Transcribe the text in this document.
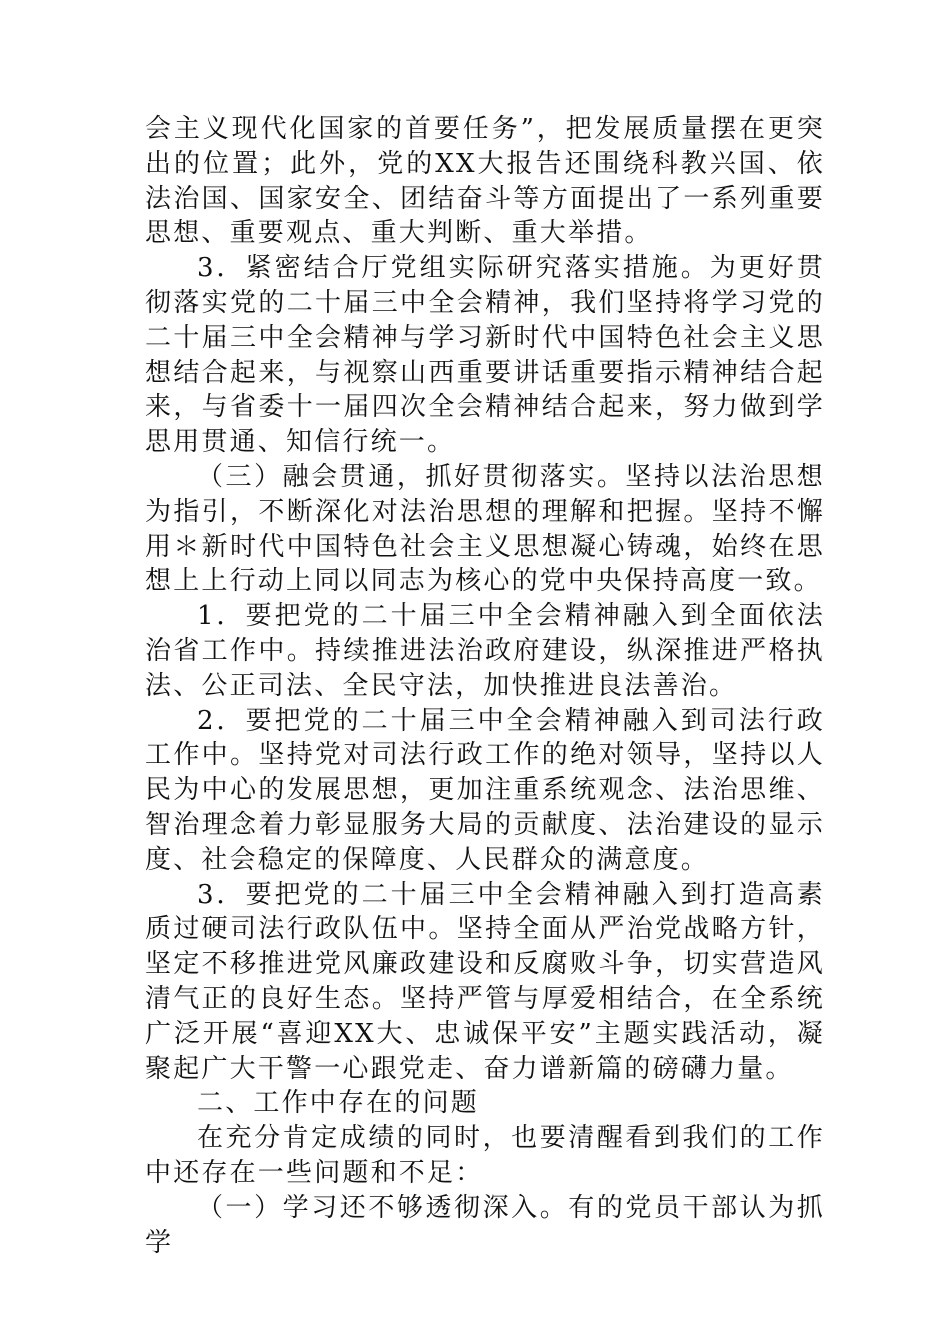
会主义现代化国家的首要任务”，把发展质量摆在更突出的位置；此外，党的XX大报告还围绕科教兴国、依法治国、国家安全、团结奋斗等方面提出了一系列重要思想、重要观点、重大判断、重大举措。

3．紧密结合厅党组实际研究落实措施。为更好贯彻落实党的二十届三中全会精神，我们坚持将学习党的二十届三中全会精神与学习新时代中国特色社会主义思想结合起来，与视察山西重要讲话重要指示精神结合起来，与省委十一届四次全会精神结合起来，努力做到学思用贯通、知信行统一。

（三）融会贯通，抓好贯彻落实。坚持以法治思想为指引，不断深化对法治思想的理解和把握。坚持不懈用＊新时代中国特色社会主义思想凝心铸魂，始终在思想上上行动上同以同志为核心的党中央保持高度一致。

1．要把党的二十届三中全会精神融入到全面依法治省工作中。持续推进法治政府建设，纵深推进严格执法、公正司法、全民守法，加快推进良法善治。

2．要把党的二十届三中全会精神融入到司法行政工作中。坚持党对司法行政工作的绝对领导，坚持以人民为中心的发展思想，更加注重系统观念、法治思维、智治理念着力彰显服务大局的贡献度、法治建设的显示度、社会稳定的保障度、人民群众的满意度。

3．要把党的二十届三中全会精神融入到打造高素质过硬司法行政队伍中。坚持全面从严治党战略方针，坚定不移推进党风廉政建设和反腐败斗争，切实营造风清气正的良好生态。坚持严管与厚爱相结合，在全系统广泛开展“喜迎XX大、忠诚保平安”主题实践活动，凝聚起广大干警一心跟党走、奋力谱新篇的磅礴力量。

二、工作中存在的问题

在充分肯定成绩的同时，也要清醒看到我们的工作中还存在一些问题和不足：

（一）学习还不够透彻深入。有的党员干部认为抓学
